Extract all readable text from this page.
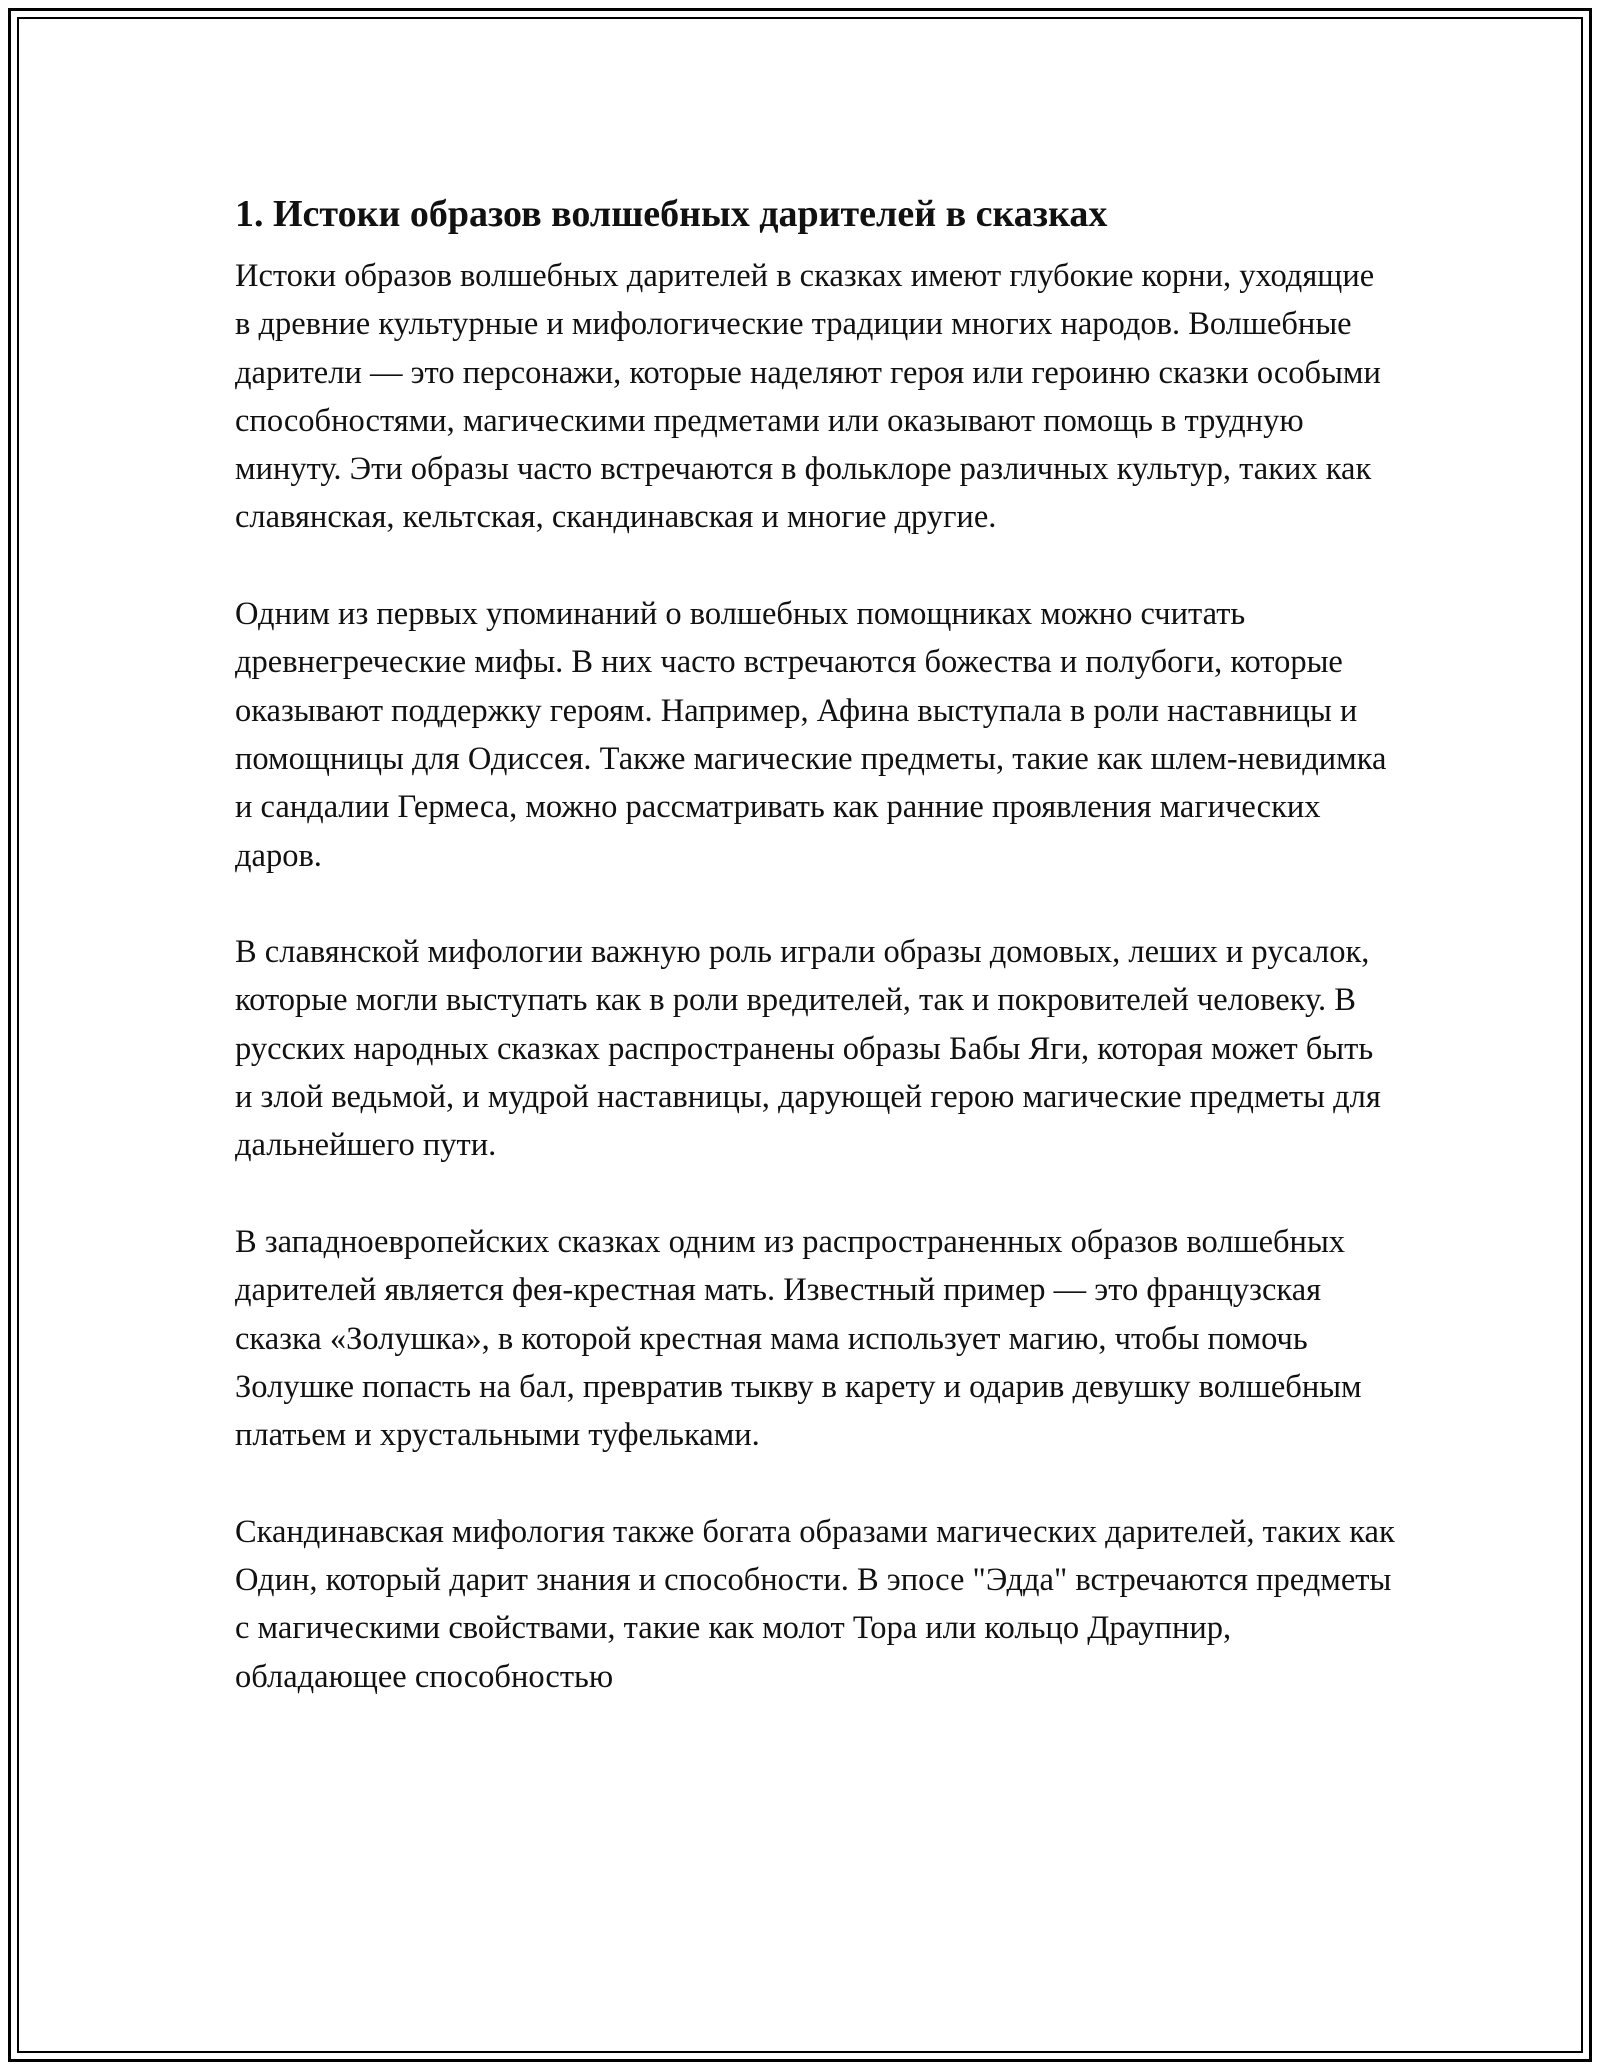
1. Истоки образов волшебных дарителей в сказках

Истоки образов волшебных дарителей в сказках имеют глубокие корни, уходящие в древние культурные и мифологические традиции многих народов. Волшебные дарители — это персонажи, которые наделяют героя или героиню сказки особыми способностями, магическими предметами или оказывают помощь в трудную минуту. Эти образы часто встречаются в фольклоре различных культур, таких как славянская, кельтская, скандинавская и многие другие.

Одним из первых упоминаний о волшебных помощниках можно считать древнегреческие мифы. В них часто встречаются божества и полубоги, которые оказывают поддержку героям. Например, Афина выступала в роли наставницы и помощницы для Одиссея. Также магические предметы, такие как шлем-невидимка и сандалии Гермеса, можно рассматривать как ранние проявления магических даров.

В славянской мифологии важную роль играли образы домовых, леших и русалок, которые могли выступать как в роли вредителей, так и покровителей человеку. В русских народных сказках распространены образы Бабы Яги, которая может быть и злой ведьмой, и мудрой наставницы, дарующей герою магические предметы для дальнейшего пути.

В западноевропейских сказках одним из распространенных образов волшебных дарителей является фея-крестная мать. Известный пример — это французская сказка «Золушка», в которой крестная мама использует магию, чтобы помочь Золушке попасть на бал, превратив тыкву в карету и одарив девушку волшебным платьем и хрустальными туфельками.

Скандинавская мифология также богата образами магических дарителей, таких как Один, который дарит знания и способности. В эпосе "Эдда" встречаются предметы с магическими свойствами, такие как молот Тора или кольцо Драупнир, обладающее способностью
